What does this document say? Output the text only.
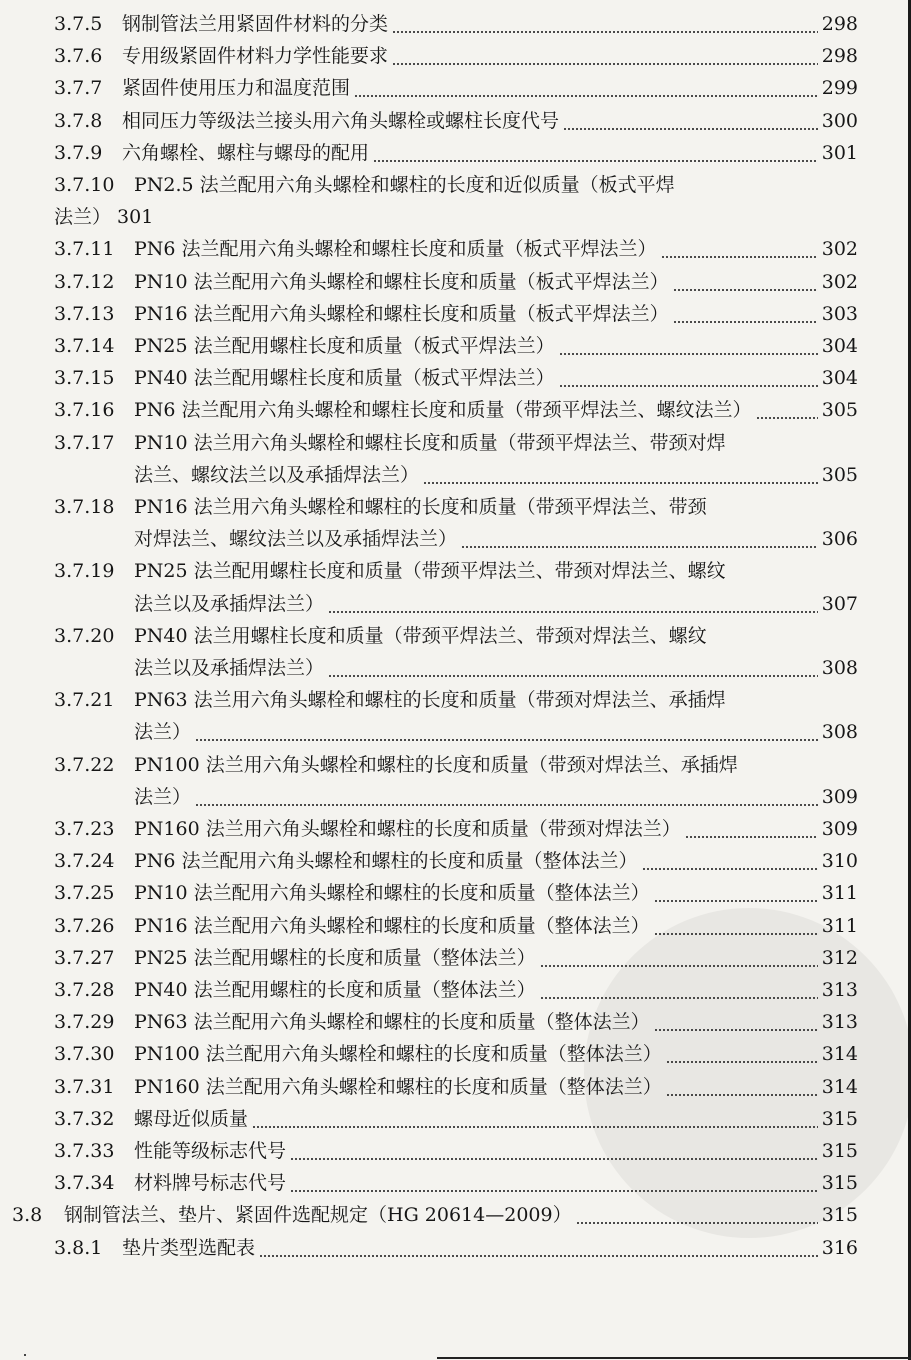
3.7.5 钢制管法兰用紧固件材料的分类	298
3.7.6 专用级紧固件材料力学性能要求	298
3.7.7 紧固件使用压力和温度范围	299
3.7.8 相同压力等级法兰接头用六角头螺栓或螺柱长度代号	300
3.7.9 六角螺栓、螺柱与螺母的配用	301
3.7.10 PN2.5 法兰配用六角头螺栓和螺柱的长度和近似质量（板式平焊
法兰） 301
3.7.11 PN6 法兰配用六角头螺栓和螺柱长度和质量（板式平焊法兰）	302
3.7.12 PN10 法兰配用六角头螺栓和螺柱长度和质量（板式平焊法兰）	302
3.7.13 PN16 法兰配用六角头螺栓和螺柱长度和质量（板式平焊法兰）	303
3.7.14 PN25 法兰配用螺柱长度和质量（板式平焊法兰）	304
3.7.15 PN40 法兰配用螺柱长度和质量（板式平焊法兰）	304
3.7.16 PN6 法兰配用六角头螺栓和螺柱长度和质量（带颈平焊法兰、螺纹法兰）	305
3.7.17 PN10 法兰用六角头螺栓和螺柱长度和质量（带颈平焊法兰、带颈对焊
法兰、螺纹法兰以及承插焊法兰）	305
3.7.18 PN16 法兰用六角头螺栓和螺柱的长度和质量（带颈平焊法兰、带颈
对焊法兰、螺纹法兰以及承插焊法兰）	306
3.7.19 PN25 法兰配用螺柱长度和质量（带颈平焊法兰、带颈对焊法兰、螺纹
法兰以及承插焊法兰）	307
3.7.20 PN40 法兰用螺柱长度和质量（带颈平焊法兰、带颈对焊法兰、螺纹
法兰以及承插焊法兰）	308
3.7.21 PN63 法兰用六角头螺栓和螺柱的长度和质量（带颈对焊法兰、承插焊
法兰）	308
3.7.22 PN100 法兰用六角头螺栓和螺柱的长度和质量（带颈对焊法兰、承插焊
法兰）	309
3.7.23 PN160 法兰用六角头螺栓和螺柱的长度和质量（带颈对焊法兰）	309
3.7.24 PN6 法兰配用六角头螺栓和螺柱的长度和质量（整体法兰）	310
3.7.25 PN10 法兰配用六角头螺栓和螺柱的长度和质量（整体法兰）	311
3.7.26 PN16 法兰配用六角头螺栓和螺柱的长度和质量（整体法兰）	311
3.7.27 PN25 法兰配用螺柱的长度和质量（整体法兰）	312
3.7.28 PN40 法兰配用螺柱的长度和质量（整体法兰）	313
3.7.29 PN63 法兰配用六角头螺栓和螺柱的长度和质量（整体法兰）	313
3.7.30 PN100 法兰配用六角头螺栓和螺柱的长度和质量（整体法兰）	314
3.7.31 PN160 法兰配用六角头螺栓和螺柱的长度和质量（整体法兰）	314
3.7.32 螺母近似质量	315
3.7.33 性能等级标志代号	315
3.7.34 材料牌号标志代号	315
3.8 钢制管法兰、垫片、紧固件选配规定（HG 20614—2009）	315
3.8.1 垫片类型选配表	316
